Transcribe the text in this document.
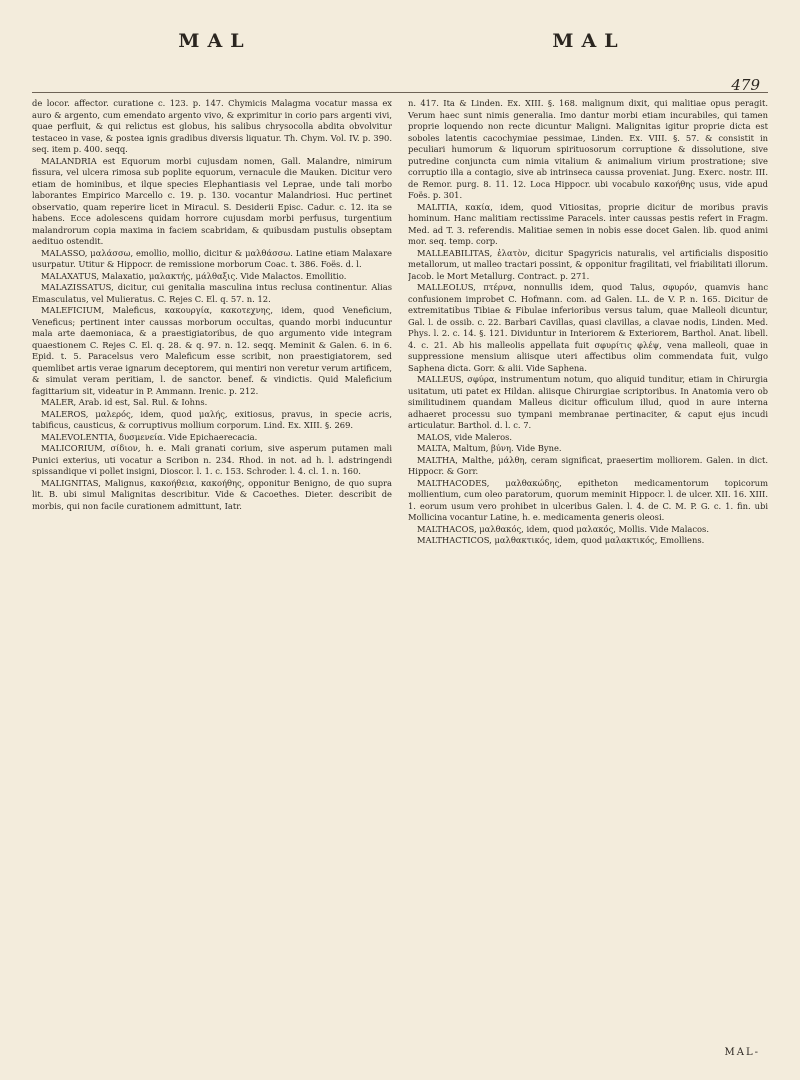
MAL	MAL
479

de locor. affector. curatione c. 123. p. 147. Chymicis Malagma vocatur massa ex auro & argento, cum emendato argento vivo, & exprimitur in corio pars argenti vivi, quae perfluit, & qui relictus est globus, his salibus chrysocolla abdita obvolvitur testaceo in vase, & postea ignis gradibus diversis liquatur. Th. Chym. Vol. IV. p. 390. seq. item p. 400. seqq.

MALANDRIA est Equorum morbi cujusdam nomen, Gall. Malandre, nimirum fissura, vel ulcera rimosa sub poplite equorum, vernacule die Mauken. Dicitur vero etiam de hominibus, et ilque species Elephantiasis vel Leprae, unde tali morbo laborantes Empirico Marcello c. 19. p. 130. vocantur Malandriosi. Huc pertinet observatio, quam reperire licet in Miracul. S. Desiderii Episc. Cadur. c. 12. ita se habens. Ecce adolescens quidam horrore cujusdam morbi perfusus, turgentium malandrorum copia maxima in faciem scabridam, & quibusdam pustulis obseptam aedituo ostendit.

MALASSO, μαλάσσω, emollio, mollio, dicitur & μαλθάσσω. Latine etiam Malaxare usurpatur. Utitur & Hippocr. de remissione morborum Coac. t. 386. Foës. d. l.

MALAXATUS, Malaxatio, μαλακτής, μάλθαξις. Vide Malactos. Emollitio.

MALAZISSATUS, dicitur, cui genitalia masculina intus reclusa continentur. Alias Emasculatus, vel Mulieratus. C. Rejes C. El. q. 57. n. 12.

MALEFICIUM, Maleficus, κακουργία, κακοτεχνης, idem, quod Veneficium, Veneficus; pertinent inter caussas morborum occultas, quando morbi inducuntur mala arte daemoniaca, & a praestigiatoribus, de quo argumento vide integram quaestionem C. Rejes C. El. q. 28. & q. 97. n. 12. seqq. Meminit & Galen. 6. in 6. Epid. t. 5. Paracelsus vero Maleficum esse scribit, non praestigiatorem, sed quemlibet artis verae ignarum deceptorem, qui mentiri non veretur verum artificem, & simulat veram peritiam, l. de sanctor. benef. & vindictis. Quid Maleficium fagittarium sit, videatur in P. Ammann. Irenic. p. 212.

MALER, Arab. id est, Sal. Rul. & Iohns.

MALEROS, μαλερός, idem, quod μαλής, exitiosus, pravus, in specie acris, tabificus, causticus, & corruptivus mollium corporum. Lind. Ex. XIII. §. 269.

MALEVOLENTIA, δυσμενεία. Vide Epichaerecacia.

MALICORIUM, σίδιον, h. e. Mali granati corium, sive asperum putamen mali Punici exterius, uti vocatur a Scribon n. 234. Rhod. in not. ad h. l. adstringendi spissandique vi pollet insigni, Dioscor. l. 1. c. 153. Schroder. l. 4. cl. 1. n. 160.

MALIGNITAS, Malignus, κακοήθεια, κακοήθης, opponitur Benigno, de quo supra lit. B. ubi simul Malignitas describitur. Vide & Cacoethes. Dieter. describit de morbis, qui non facile curationem admittunt, Iatr.

n. 417. Ita & Linden. Ex. XIII. §. 168. malignum dixit, qui malitiae opus peragit. Verum haec sunt nimis generalia. Imo dantur morbi etiam incurabiles, qui tamen proprie loquendo non recte dicuntur Maligni. Malignitas igitur proprie dicta est soboles latentis cacochymiae pessimae, Linden. Ex. VIII. §. 57. & consistit in peculiari humorum & liquorum spirituosorum corruptione & dissolutione, sive putredine conjuncta cum nimia vitalium & animalium virium prostratione; sive corruptio illa a contagio, sive ab intrinseca caussa proveniat. Jung. Exerc. nostr. III. de Remor. purg. 8. 11. 12. Loca Hippocr. ubi vocabulo κακοήθης usus, vide apud Foës. p. 301.

MALITIA, κακία, idem, quod Vitiositas, proprie dicitur de moribus pravis hominum. Hanc malitiam rectissime Paracels. inter caussas pestis refert in Fragm. Med. ad T. 3. referendis. Malitiae semen in nobis esse docet Galen. lib. quod animi mor. seq. temp. corp.

MALLEABILITAS, ἐλατὸν, dicitur Spagyricis naturalis, vel artificialis dispositio metallorum, ut malleo tractari possint, & opponitur fragilitati, vel friabilitati illorum. Jacob. le Mort Metallurg. Contract. p. 271.

MALLEOLUS, πτέρνα, nonnullis idem, quod Talus, σφυρόν, quamvis hanc confusionem improbet C. Hofmann. com. ad Galen. LL. de V. P. n. 165. Dicitur de extremitatibus Tibiae & Fibulae inferioribus versus talum, quae Malleoli dicuntur, Gal. l. de ossib. c. 22. Barbari Cavillas, quasi clavillas, a clavae nodis, Linden. Med. Phys. l. 2. c. 14. §. 121. Dividuntur in Interiorem & Exteriorem, Barthol. Anat. libell. 4. c. 21. Ab his malleolis appellata fuit σφυρίτις φλέψ, vena malleoli, quae in suppressione mensium aliisque uteri affectibus olim commendata fuit, vulgo Saphena dicta. Gorr. & alii. Vide Saphena.

MALLEUS, σφύρα, instrumentum notum, quo aliquid tunditur, etiam in Chirurgia usitatum, uti patet ex Hildan. aliisque Chirurgiae scriptoribus. In Anatomia vero ob similitudinem quandam Malleus dicitur officulum illud, quod in aure interna adhaeret processu suo tympani membranae pertinaciter, & caput ejus incudi articulatur. Barthol. d. l. c. 7.

MALOS, vide Maleros.

MALTA, Maltum, βύνη. Vide Byne.

MALTHA, Malthe, μάλθη, ceram significat, praesertim molliorem. Galen. in dict. Hippocr. & Gorr.

MALTHACODES, μαλθακώδης, epitheton medicamentorum topicorum mollientium, cum oleo paratorum, quorum meminit Hippocr. l. de ulcer. XII. 16. XIII. 1. eorum usum vero prohibet in ulceribus Galen. l. 4. de C. M. P. G. c. 1. fin. ubi Mollicina vocantur Latine, h. e. medicamenta generis oleosi.

MALTHACOS, μαλθακός, idem, quod μαλακός, Mollis. Vide Malacos.

MALTHACTICOS, μαλθακτικός, idem, quod μαλακτικός, Emolliens.

MAL-
